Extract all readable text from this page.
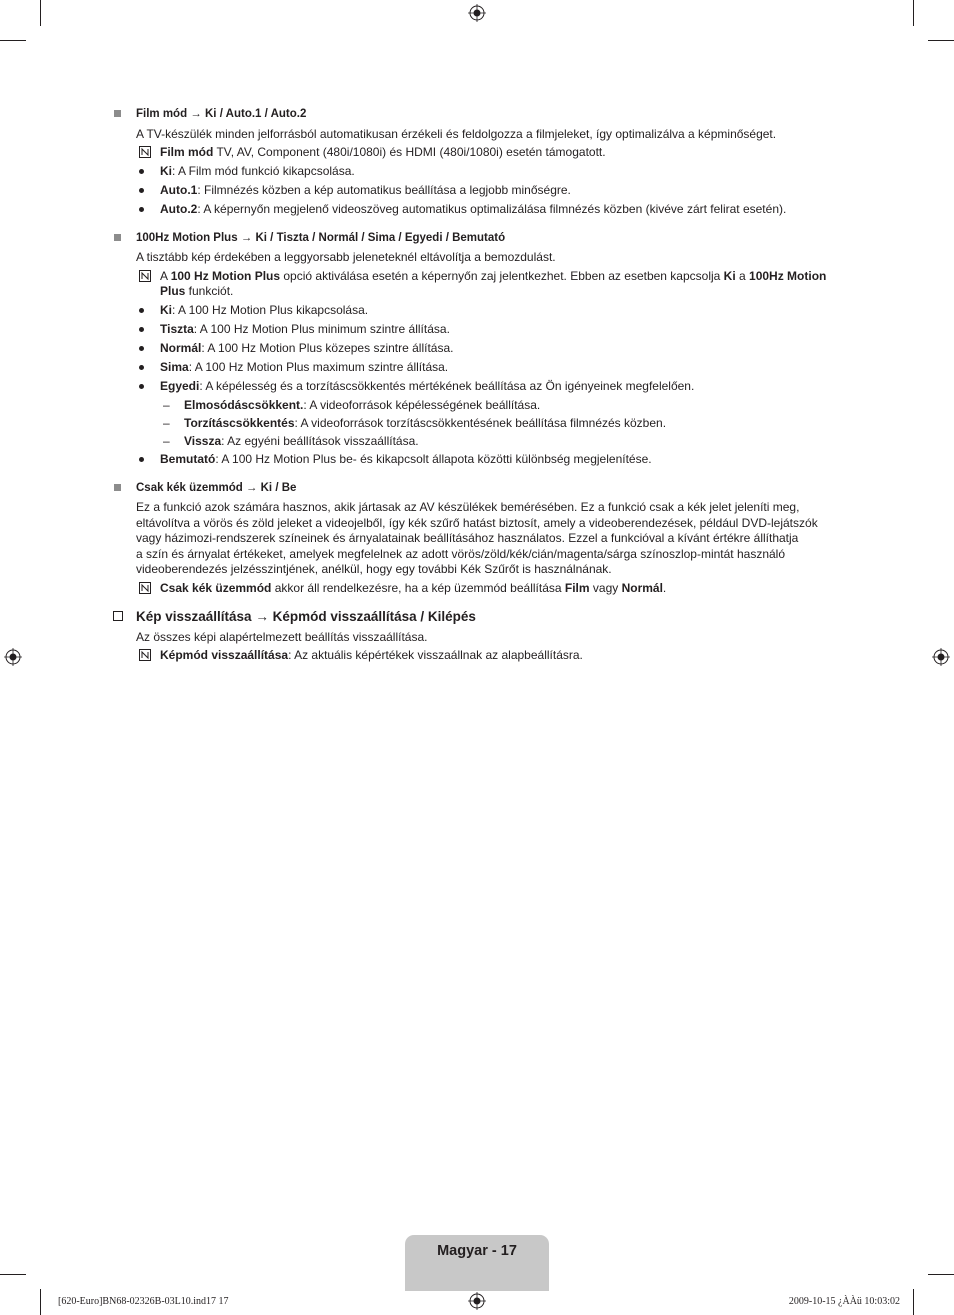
Film mód → Ki / Auto.1 / Auto.2

A TV-készülék minden jelforrásból automatikusan érzékeli és feldolgozza a filmjeleket, így optimalizálva a képminőséget.

Film mód TV, AV, Component (480i/1080i) és HDMI (480i/1080i) esetén támogatott.
Ki: A Film mód funkció kikapcsolása.
Auto.1: Filmnézés közben a kép automatikus beállítása a legjobb minőségre.
Auto.2: A képernyőn megjelenő videoszöveg automatikus optimalizálása filmnézés közben (kivéve zárt felirat esetén).
100Hz Motion Plus → Ki / Tiszta / Normál / Sima / Egyedi / Bemutató

A tisztább kép érdekében a leggyorsabb jeleneteknél eltávolítja a bemozdulást.

A 100 Hz Motion Plus opció aktiválása esetén a képernyőn zaj jelentkezhet. Ebben az esetben kapcsolja Ki a 100Hz Motion Plus funkciót.
Ki: A 100 Hz Motion Plus kikapcsolása.
Tiszta: A 100 Hz Motion Plus minimum szintre állítása.
Normál: A 100 Hz Motion Plus közepes szintre állítása.
Sima: A 100 Hz Motion Plus maximum szintre állítása.
Egyedi: A képélesség és a torzításcsökkentés mértékének beállítása az Ön igényeinek megfelelően.
– Elmosódáscsökkent.: A videoforrások képélességének beállítása.
– Torzításcsökkentés: A videoforrások torzításcsökkentésének beállítása filmnézés közben.
– Vissza: Az egyéni beállítások visszaállítása.
Bemutató: A 100 Hz Motion Plus be- és kikapcsolt állapota közötti különbség megjelenítése.
Csak kék üzemmód → Ki / Be
Ez a funkció azok számára hasznos, akik jártasak az AV készülékek bemérésében. Ez a funkció csak a kék jelet jeleníti meg,
eltávolítva a vörös és zöld jeleket a videojelből, így kék szűrő hatást biztosít, amely a videoberendezések, például DVD-lejátszók
vagy házimozi-rendszerek színeinek és árnyalatainak beállításához használatos. Ezzel a funkcióval a kívánt értékre állíthatja
a szín és árnyalat értékeket, amelyek megfelelnek az adott vörös/zöld/kék/cián/magenta/sárga színoszlop-mintát használó
videoberendezés jelzésszintjének, anélkül, hogy egy további Kék Szűrőt is használnának.
Csak kék üzemmód akkor áll rendelkezésre, ha a kép üzemmód beállítása Film vagy Normál.
Kép visszaállítása → Képmód visszaállítása / Kilépés

Az összes képi alapértelmezett beállítás visszaállítása.

Képmód visszaállítása: Az aktuális képértékek visszaállnak az alapbeállításra.
Magyar - 17
[620-Euro]BN68-02326B-03L10.ind17 17	2009-10-15 ¿ÀÀü 10:03:02
